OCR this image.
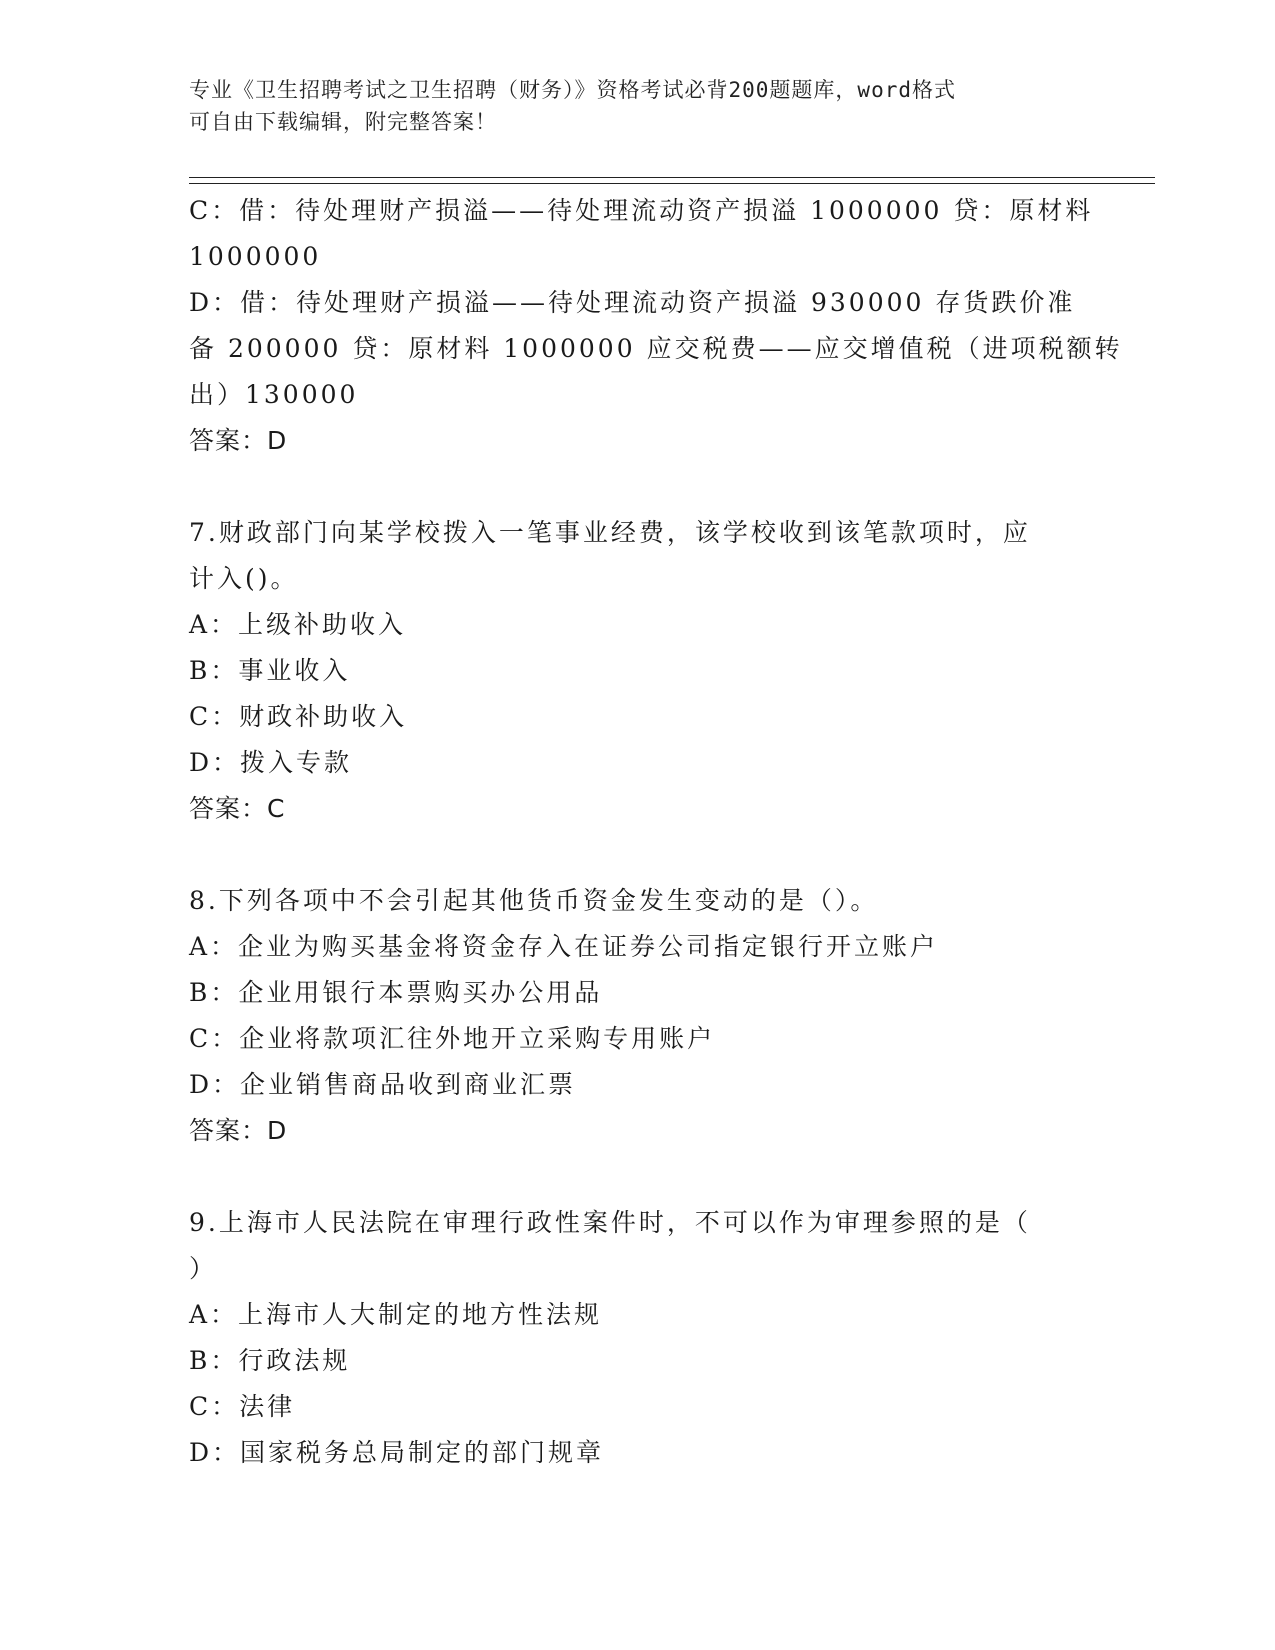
专业《卫生招聘考试之卫生招聘（财务）》资格考试必背200题题库，word格式
可自由下载编辑，附完整答案！
C：借：待处理财产损溢——待处理流动资产损溢 1000000 贷：原材料
1000000
D：借：待处理财产损溢——待处理流动资产损溢 930000 存货跌价准
备 200000 贷：原材料 1000000 应交税费——应交增值税（进项税额转
出）130000
答案：D
7.财政部门向某学校拨入一笔事业经费，该学校收到该笔款项时，应
计入()。
A：上级补助收入
B：事业收入
C：财政补助收入
D：拨入专款
答案：C
8.下列各项中不会引起其他货币资金发生变动的是（）。
A：企业为购买基金将资金存入在证券公司指定银行开立账户
B：企业用银行本票购买办公用品
C：企业将款项汇往外地开立采购专用账户
D：企业销售商品收到商业汇票
答案：D
9.上海市人民法院在审理行政性案件时，不可以作为审理参照的是（
）
A：上海市人大制定的地方性法规
B：行政法规
C：法律
D：国家税务总局制定的部门规章
